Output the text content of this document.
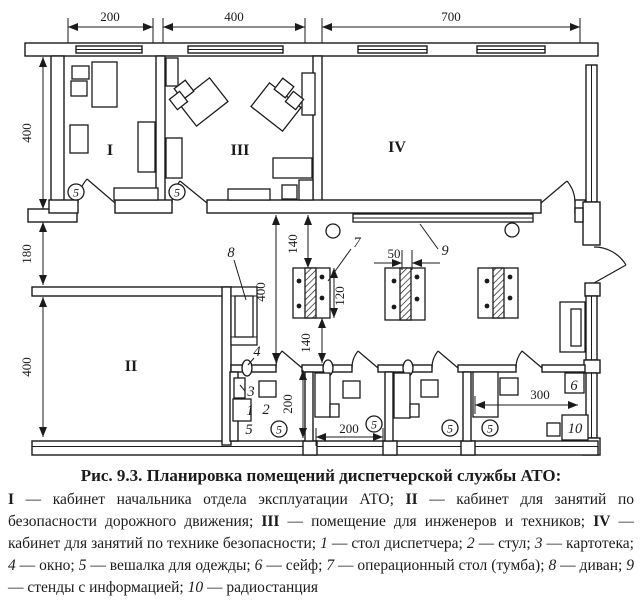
200	400	700
400
180
400
400
140
120
140
50
200
200
300
I	III	IV
II
7	9
8
4
3
1 2
5
6
10
5	5
5	5	5	5
Рис. 9.3. Планировка помещений диспетчерской службы АТО:
I — кабинет начальника отдела эксплуатации АТО; II — кабинет для занятий по безопасности дорожного движения; III — помещение для инженеров и техников; IV — кабинет для занятий по технике безопасности; 1 — стол диспетчера; 2 — стул; 3 — картотека; 4 — окно; 5 — вешалка для одежды; 6 — сейф; 7 — операционный стол (тумба); 8 — диван; 9 — стенды с информацией; 10 — радиостанция
